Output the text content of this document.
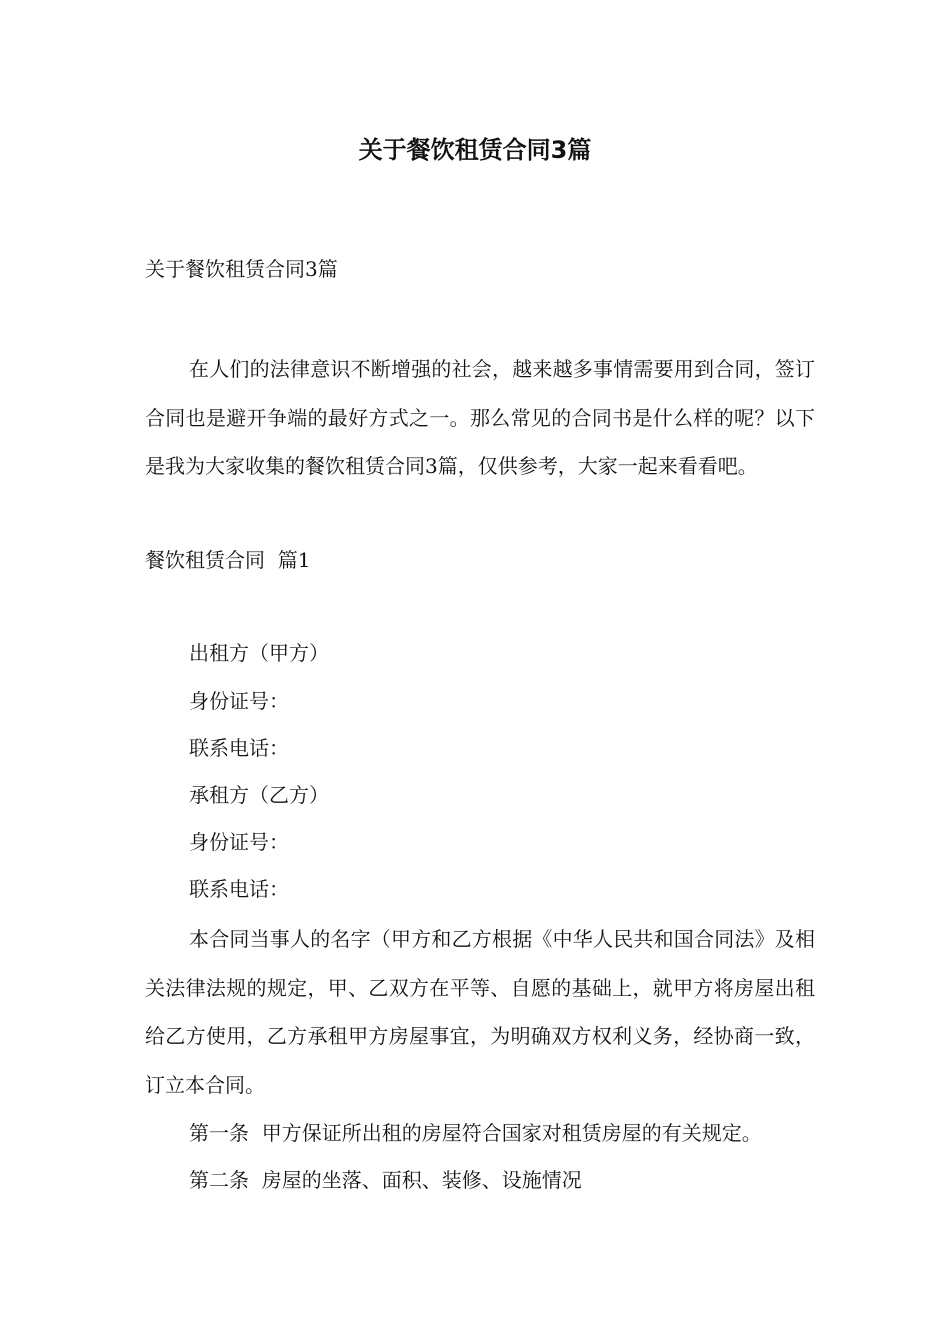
关于餐饮租赁合同3篇

关于餐饮租赁合同3篇

在人们的法律意识不断增强的社会，越来越多事情需要用到合同，签订合同也是避开争端的最好方式之一。那么常见的合同书是什么样的呢？以下是我为大家收集的餐饮租赁合同3篇，仅供参考，大家一起来看看吧。

餐饮租赁合同  篇1

出租方（甲方）

身份证号：

联系电话：

承租方（乙方）

身份证号：

联系电话：

本合同当事人的名字（甲方和乙方根据《中华人民共和国合同法》及相关法律法规的规定，甲、乙双方在平等、自愿的基础上，就甲方将房屋出租给乙方使用，乙方承租甲方房屋事宜，为明确双方权利义务，经协商一致，订立本合同。

第一条  甲方保证所出租的房屋符合国家对租赁房屋的有关规定。

第二条  房屋的坐落、面积、装修、设施情况
